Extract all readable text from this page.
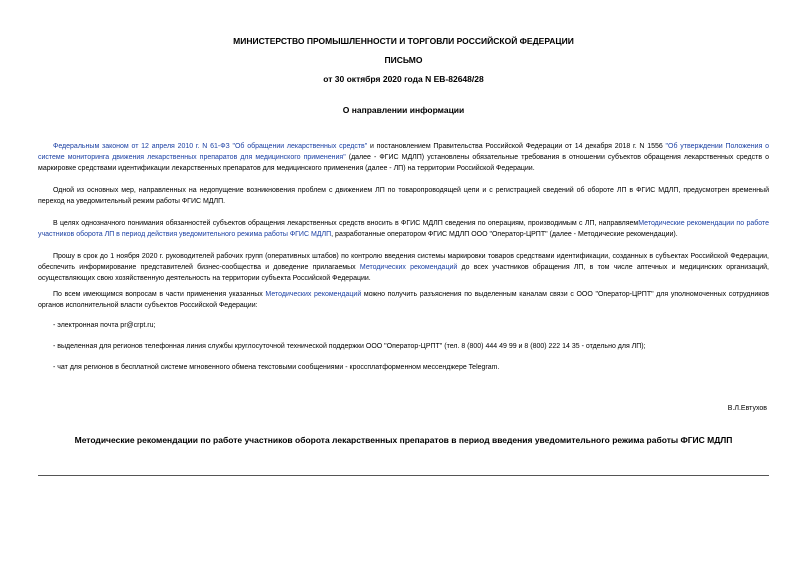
МИНИСТЕРСТВО ПРОМЫШЛЕННОСТИ И ТОРГОВЛИ РОССИЙСКОЙ ФЕДЕРАЦИИ
ПИСЬМО
от 30 октября 2020 года N ЕВ-82648/28
О направлении информации
Федеральным законом от 12 апреля 2010 г. N 61-ФЗ "Об обращении лекарственных средств" и постановлением Правительства Российской Федерации от 14 декабря 2018 г. N 1556 "Об утверждении Положения о системе мониторинга движения лекарственных препаратов для медицинского применения" (далее - ФГИС МДЛП) установлены обязательные требования в отношении субъектов обращения лекарственных средств о маркировке средствами идентификации лекарственных препаратов для медицинского применения (далее - ЛП) на территории Российской Федерации.
Одной из основных мер, направленных на недопущение возникновения проблем с движением ЛП по товаропроводящей цепи и с регистрацией сведений об обороте ЛП в ФГИС МДЛП, предусмотрен временный переход на уведомительный режим работы ФГИС МДЛП.
В целях однозначного понимания обязанностей субъектов обращения лекарственных средств вносить в ФГИС МДЛП сведения по операциям, производимым с ЛП, направляемМетодические рекомендации по работе участников оборота ЛП в период действия уведомительного режима работы ФГИС МДЛП, разработанные оператором ФГИС МДЛП ООО "Оператор-ЦРПТ" (далее - Методические рекомендации).
Прошу в срок до 1 ноября 2020 г. руководителей рабочих групп (оперативных штабов) по контролю введения системы маркировки товаров средствами идентификации, созданных в субъектах Российской Федерации, обеспечить информирование представителей бизнес-сообщества и доведение прилагаемых Методических рекомендаций до всех участников обращения ЛП, в том числе аптечных и медицинских организаций, осуществляющих свою хозяйственную деятельность на территории субъекта Российской Федерации.
По всем имеющимся вопросам в части применения указанных Методических рекомендаций можно получить разъяснения по выделенным каналам связи с ООО "Оператор-ЦРПТ" для уполномоченных сотрудников органов исполнительной власти субъектов Российской Федерации:
- электронная почта pr@crpt.ru;
- выделенная для регионов телефонная линия службы круглосуточной технической поддержки ООО "Оператор-ЦРПТ" (тел. 8 (800) 444 49 99 и 8 (800) 222 14 35 - отдельно для ЛП);
- чат для регионов в бесплатной системе мгновенного обмена текстовыми сообщениями - кроссплатформенном мессенджере Telegram.
В.Л.Евтухов
Методические рекомендации по работе участников оборота лекарственных препаратов в период введения уведомительного режима работы ФГИС МДЛП
